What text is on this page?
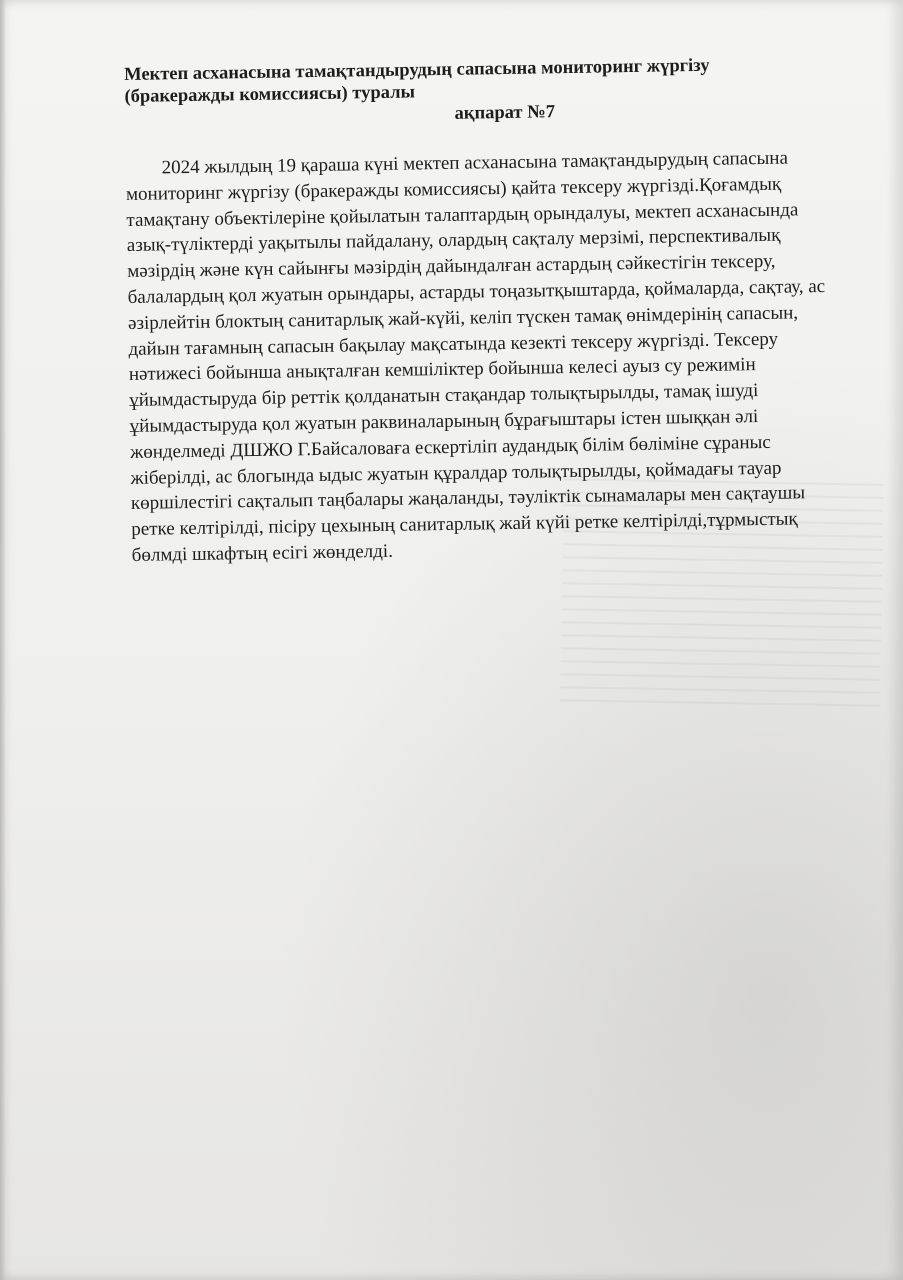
Мектеп асханасына тамақтандырудың сапасына мониторинг жүргізу
(бракеражды комиссиясы) туралы
ақпарат №7

2024 жылдың 19 қараша күні мектеп асханасына тамақтандырудың сапасына мониторинг жүргізу (бракеражды комиссиясы) қайта тексеру жүргізді.Қоғамдық тамақтану объектілеріне қойылатын талаптардың орындалуы, мектеп асханасында азық-түліктерді уақытылы пайдалану, олардың сақталу мерзімі, перспективалық мәзірдің және күн сайынғы мәзірдің дайындалған астардың сәйкестігін тексеру, балалардың қол жуатын орындары, астарды тоңазытқыштарда, қоймаларда, сақтау, ас әзірлейтін блоктың санитарлық жай-күйі, келіп түскен тамақ өнімдерінің сапасын, дайын тағамның сапасын бақылау мақсатында кезекті тексеру жүргізді. Тексеру нәтижесі бойынша анықталған кемшіліктер бойынша келесі ауыз су режимін ұйымдастыруда бір реттік қолданатын стақандар толықтырылды, тамақ ішуді ұйымдастыруда қол жуатын раквиналарының бұрағыштары істен шыққан әлі жөнделмеді ДШЖО Г.Байсаловаға ескертіліп аудандық білім бөліміне сұраныс жіберілді, ас блогында ыдыс жуатын құралдар толықтырылды, қоймадағы тауар көршілестігі сақталып таңбалары жаңаланды, тәуліктік сынамалары мен сақтаушы ретке келтірілді, пісіру цехының санитарлық жай күйі ретке келтірілді,тұрмыстық бөлмді шкафтың есігі жөнделді.
